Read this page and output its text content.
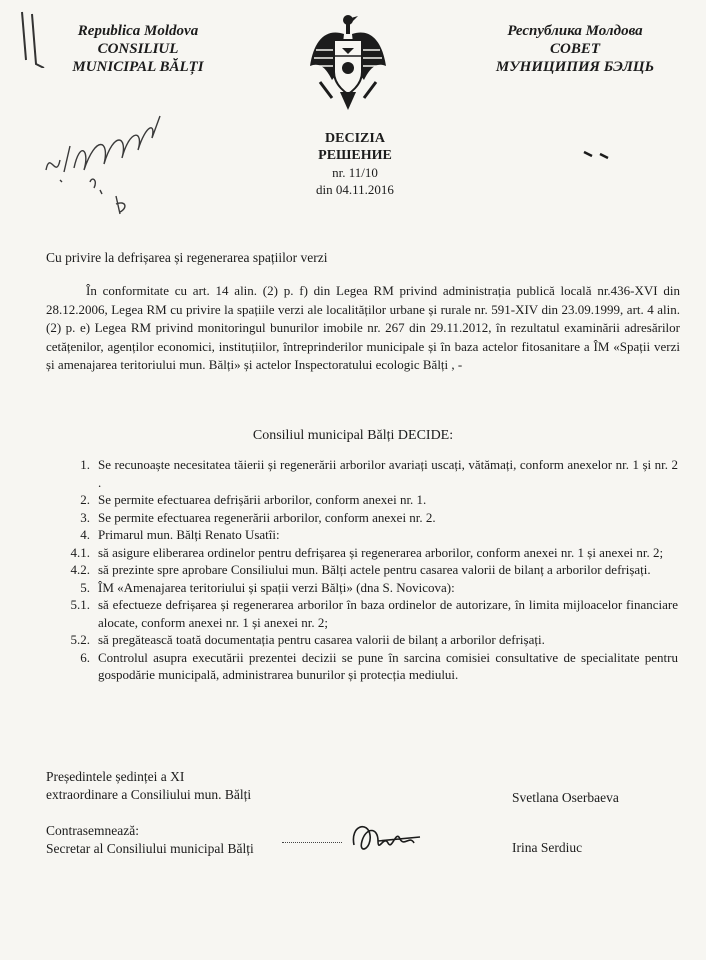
Republica Moldova
CONSILIUL
MUNICIPAL BĂLȚI
Республика Молдова
СОВЕТ
МУНИЦИПИЯ БЭЛЦЬ
DECIZIA
РЕШЕНИЕ
nr. 11/10
din 04.11.2016
Cu privire la defrișarea și regenerarea spațiilor verzi
În conformitate cu art. 14 alin. (2) p. f) din Legea RM privind administrația publică locală nr.436-XVI din 28.12.2006, Legea RM cu privire la spațiile verzi ale localităților urbane și rurale nr. 591-XIV din 23.09.1999, art. 4 alin. (2) p. e) Legea RM privind monitoringul bunurilor imobile nr. 267 din 29.11.2012, în rezultatul examinării adresărilor cetățenilor, agenților economici, instituțiilor, întreprinderilor municipale și în baza actelor fitosanitare a ÎM «Spații verzi și amenajarea teritoriului mun. Bălți» și actelor Inspectoratului ecologic Bălți , -
Consiliul municipal Bălți DECIDE:
1. Se recunoaște necesitatea tăierii și regenerării arborilor avariați uscați, vătămați, conform anexelor nr. 1 și nr. 2 .
2. Se permite efectuarea defrișării arborilor, conform anexei nr. 1.
3. Se permite efectuarea regenerării arborilor, conform anexei nr. 2.
4. Primarul mun. Bălți Renato Usatîi:
4.1. să asigure eliberarea ordinelor pentru defrișarea și regenerarea arborilor, conform anexei nr. 1 și anexei nr. 2;
4.2. să prezinte spre aprobare Consiliului mun. Bălți actele pentru casarea valorii de bilanț a arborilor defrișați.
5. ÎM «Amenajarea teritoriului și spații verzi Bălți» (dna S. Novicova):
5.1. să efectueze defrișarea și regenerarea arborilor în baza ordinelor de autorizare, în limita mijloacelor financiare alocate, conform anexei nr. 1 și anexei nr. 2;
5.2. să pregătească toată documentația pentru casarea valorii de bilanț a arborilor defrișați.
6. Controlul asupra executării prezentei decizii se pune în sarcina comisiei consultative de specialitate pentru gospodărie municipală, administrarea bunurilor și protecția mediului.
Președintele ședinței a XI
extraordinare a Consiliului mun. Bălți	Svetlana Oserbaeva
Contrasemnează:
Secretar al Consiliului municipal Bălți	Irina Serdiuc
